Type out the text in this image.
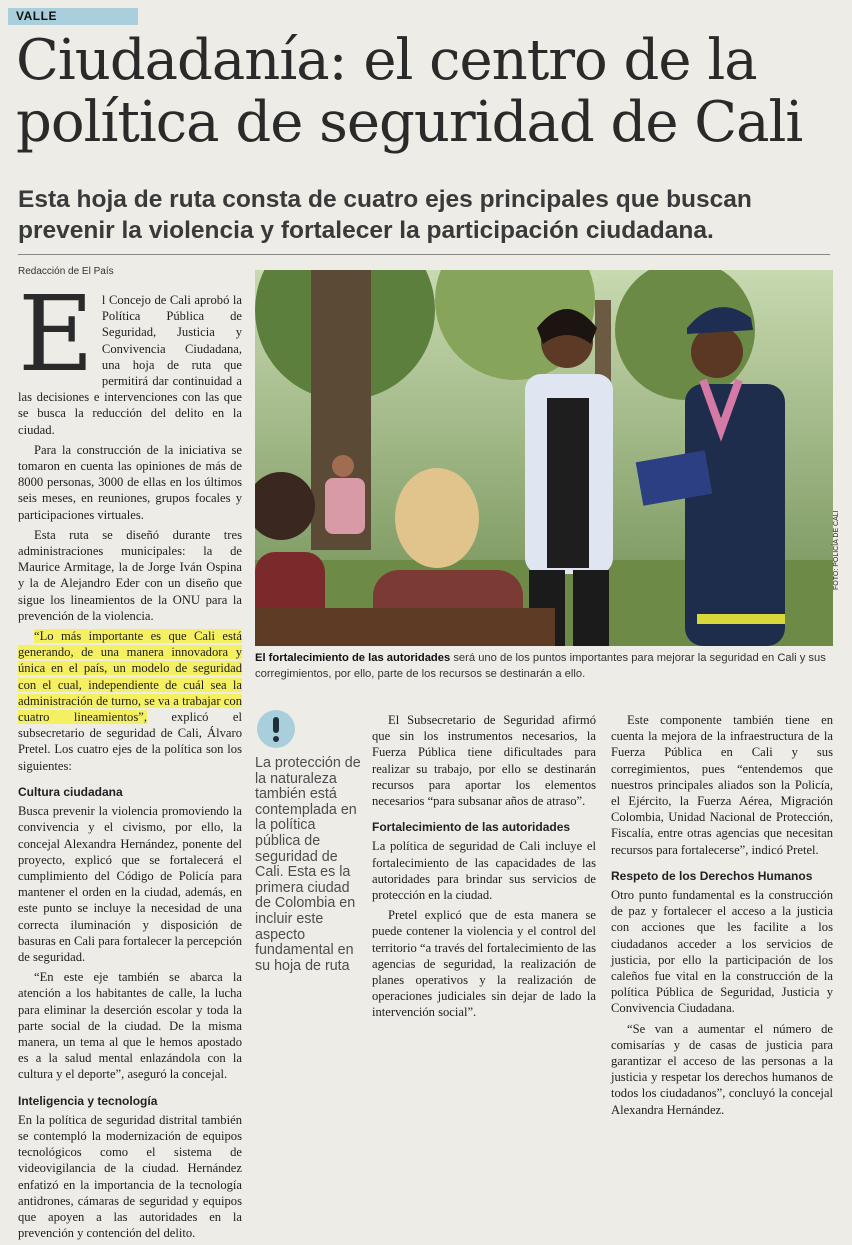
VALLE
Ciudadanía: el centro de la política de seguridad de Cali
Esta hoja de ruta consta de cuatro ejes principales que buscan prevenir la violencia y fortalecer la participación ciudadana.
Redacción de El País
E l Concejo de Cali aprobó la Política Pública de Seguridad, Justicia y Convivencia Ciudadana, una hoja de ruta que permitirá dar continuidad a las decisiones e intervenciones con las que se busca la reducción del delito en la ciudad.

Para la construcción de la iniciativa se tomaron en cuenta las opiniones de más de 8000 personas, 3000 de ellas en los últimos seis meses, en reuniones, grupos focales y participaciones virtuales.

Esta ruta se diseñó durante tres administraciones municipales: la de Maurice Armitage, la de Jorge Iván Ospina y la de Alejandro Eder con un diseño que sigue los lineamientos de la ONU para la prevención de la violencia.

“Lo más importante es que Cali está generando, de una manera innovadora y única en el país, un modelo de seguridad con el cual, independiente de cuál sea la administración de turno, se va a trabajar con cuatro lineamientos”, explicó el subsecretario de seguridad de Cali, Álvaro Pretel. Los cuatro ejes de la política son los siguientes:

Cultura ciudadana

Busca prevenir la violencia promoviendo la convivencia y el civismo, por ello, la concejal Alexandra Hernández, ponente del proyecto, explicó que se fortalecerá el cumplimiento del Código de Policía para mantener el orden en la ciudad, además, en este punto se incluye la necesidad de una correcta iluminación y disposición de basuras en Cali para fortalecer la percepción de seguridad.

“En este eje también se abarca la atención a los habitantes de calle, la lucha para eliminar la deserción escolar y toda la parte social de la ciudad. De la misma manera, un tema al que le hemos apostado es a la salud mental enlazándola con la cultura y el deporte”, aseguró la concejal.

Inteligencia y tecnología

En la política de seguridad distrital también se contempló la modernización de equipos tecnológicos como el sistema de videovigilancia de la ciudad. Hernández enfatizó en la importancia de la tecnología antidrones, cámaras de seguridad y equipos que apoyen a las autoridades en la prevención y contención del delito.

FOTO: POLICÍA DE CALI
El fortalecimiento de las autoridades será uno de los puntos importantes para mejorar la seguridad en Cali y sus corregimientos, por ello, parte de los recursos se destinarán a ello.
La protección de la naturaleza también está contemplada en la política pública de seguridad de Cali. Esta es la primera ciudad de Colombia en incluir este aspecto fundamental en su hoja de ruta

El Subsecretario de Seguridad afirmó que sin los instrumentos necesarios, la Fuerza Pública tiene dificultades para realizar su trabajo, por ello se destinarán recursos para aportar los elementos necesarios “para subsanar años de atraso”.

Fortalecimiento de las autoridades

La política de seguridad de Cali incluye el fortalecimiento de las capacidades de las autoridades para brindar sus servicios de protección en la ciudad.

Pretel explicó que de esta manera se puede contener la violencia y el control del territorio “a través del fortalecimiento de las agencias de seguridad, la realización de planes operativos y la realización de operaciones judiciales sin dejar de lado la intervención social”.

Este componente también tiene en cuenta la mejora de la infraestructura de la Fuerza Pública en Cali y sus corregimientos, pues “entendemos que nuestros principales aliados son la Policía, el Ejército, la Fuerza Aérea, Migración Colombia, Unidad Nacional de Protección, Fiscalía, entre otras agencias que necesitan recursos para fortalecerse”, indicó Pretel.

Respeto de los Derechos Humanos

Otro punto fundamental es la construcción de paz y fortalecer el acceso a la justicia con acciones que les facilite a los ciudadanos acceder a los servicios de justicia, por ello la participación de los caleños fue vital en la construcción de la política Pública de Seguridad, Justicia y Convivencia Ciudadana.

“Se van a aumentar el número de comisarías y de casas de justicia para garantizar el acceso de las personas a la justicia y respetar los derechos humanos de todos los ciudadanos”, concluyó la concejal Alexandra Hernández.
